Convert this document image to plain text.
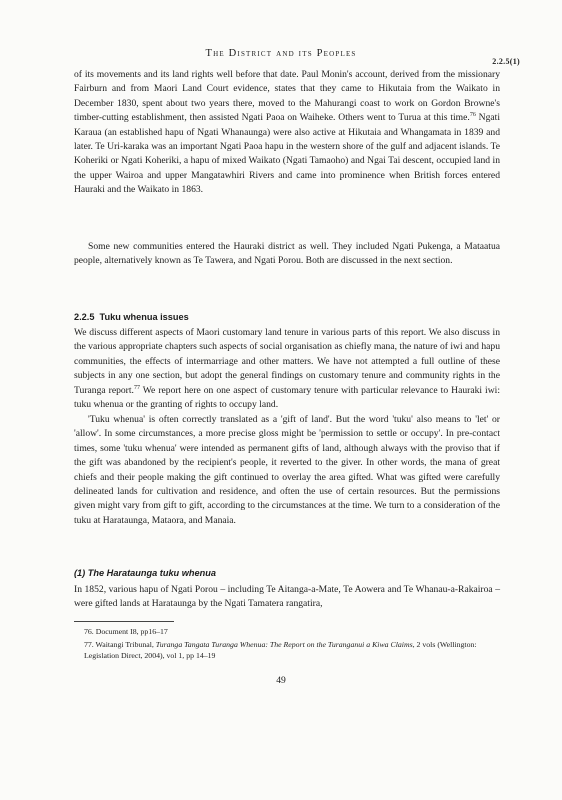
The District and its Peoples
2.2.5(1)

of its movements and its land rights well before that date. Paul Monin's account, derived from the missionary Fairburn and from Maori Land Court evidence, states that they came to Hikutaia from the Waikato in December 1830, spent about two years there, moved to the Mahurangi coast to work on Gordon Browne's timber-cutting establishment, then assisted Ngati Paoa on Waiheke. Others went to Turua at this time.$^{76}$ Ngati Karaua (an established hapu of Ngati Whanaunga) were also active at Hikutaia and Whangamata in 1839 and later. Te Uri-karaka was an important Ngati Paoa hapu in the western shore of the gulf and adjacent islands. Te Koheriki or Ngati Koheriki, a hapu of mixed Waikato (Ngati Tamaoho) and Ngai Tai descent, occupied land in the upper Wairoa and upper Mangatawhiri Rivers and came into prominence when British forces entered Hauraki and the Waikato in 1863.

Some new communities entered the Hauraki district as well. They included Ngati Pukenga, a Mataatua people, alternatively known as Te Tawera, and Ngati Porou. Both are discussed in the next section.

2.2.5 Tuku whenua issues

We discuss different aspects of Maori customary land tenure in various parts of this report. We also discuss in the various appropriate chapters such aspects of social organisation as chiefly mana, the nature of iwi and hapu communities, the effects of intermarriage and other matters. We have not attempted a full outline of these subjects in any one section, but adopt the general findings on customary tenure and community rights in the Turanga report.$^{77}$ We report here on one aspect of customary tenure with particular relevance to Hauraki iwi: tuku whenua or the granting of rights to occupy land.

'Tuku whenua' is often correctly translated as a 'gift of land'. But the word 'tuku' also means to 'let' or 'allow'. In some circumstances, a more precise gloss might be 'permission to settle or occupy'. In pre-contact times, some 'tuku whenua' were intended as permanent gifts of land, although always with the proviso that if the gift was abandoned by the recipient's people, it reverted to the giver. In other words, the mana of great chiefs and their people making the gift continued to overlay the area gifted. What was gifted were carefully delineated lands for cultivation and residence, and often the use of certain resources. But the permissions given might vary from gift to gift, according to the circumstances at the time. We turn to a consideration of the tuku at Harataunga, Mataora, and Manaia.

(1) The Harataunga tuku whenua

In 1852, various hapu of Ngati Porou – including Te Aitanga-a-Mate, Te Aowera and Te Whanau-a-Rakairoa – were gifted lands at Harataunga by the Ngati Tamatera rangatira,

76. Document I8, pp16–17

77. Waitangi Tribunal, Turanga Tangata Turanga Whenua: The Report on the Turanganui a Kiwa Claims, 2 vols (Wellington: Legislation Direct, 2004), vol 1, pp 14–19

49
